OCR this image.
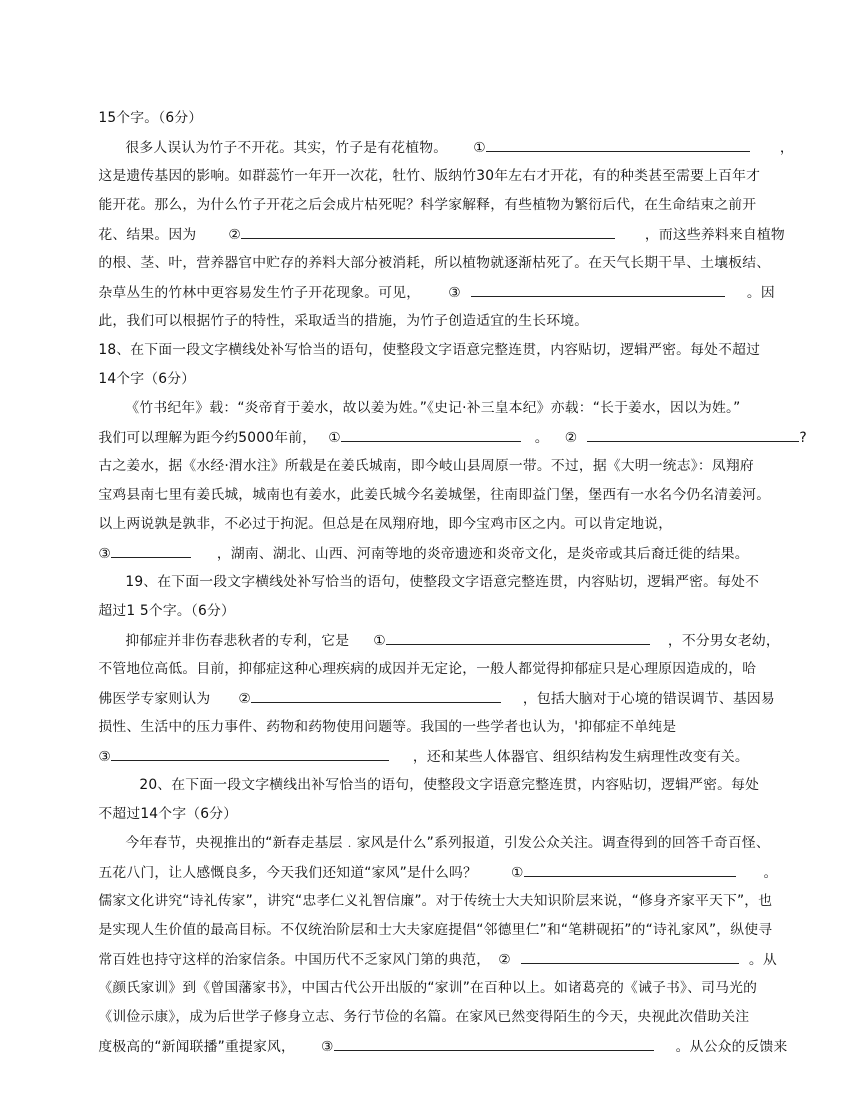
15个字。（6分）

很多人误认为竹子不开花。其实，竹子是有花植物。 ①	，

这是遗传基因的影响。如群蕊竹一年开一次花，牡竹、版纳竹30年左右才开花，有的种类甚至需要上百年才

能开花。那么，为什么竹子开花之后会成片枯死呢？科学家解释，有些植物为繁衍后代，在生命结束之前开

花、结果。因为 ②	，而这些养料来自植物

的根、茎、叶，营养器官中贮存的养料大部分被消耗，所以植物就逐渐枯死了。在天气长期干旱、土壤板结、

杂草丛生的竹林中更容易发生竹子开花现象。可见， ③	。因

此，我们可以根据竹子的特性，采取适当的措施，为竹子创造适宜的生长环境。

18、在下面一段文字横线处补写恰当的语句，使整段文字语意完整连贯，内容贴切，逻辑严密。每处不超过

14个字（6分）

《竹书纪年》载：“炎帝育于姜水，故以姜为姓。”《史记·补三皇本纪》亦载：“长于姜水，因以为姓。”

我们可以理解为距今约5000年前， ①	。 ②	?

古之姜水，据《水经·渭水注》所载是在姜氏城南，即今岐山县周原一带。不过，据《大明一统志》：凤翔府

宝鸡县南七里有姜氏城，城南也有姜水，此姜氏城今名姜城堡，往南即益门堡，堡西有一水名今仍名清姜河。

以上两说孰是孰非，不必过于拘泥。但总是在凤翔府地，即今宝鸡市区之内。可以肯定地说，

③	，湖南、湖北、山西、河南等地的炎帝遗迹和炎帝文化，是炎帝或其后裔迁徙的结果。

19、在下面一段文字横线处补写恰当的语句，使整段文字语意完整连贯，内容贴切，逻辑严密。每处不

超过1 5个字。（6分）

抑郁症并非伤春悲秋者的专利，它是 ①	，不分男女老幼，

不管地位高低。目前，抑郁症这种心理疾病的成因并无定论，一般人都觉得抑郁症只是心理原因造成的，哈

佛医学专家则认为 ②	，包括大脑对于心境的错误调节、基因易

损性、生活中的压力事件、药物和药物使用问题等。我国的一些学者也认为，'抑郁症不单纯是

③	，还和某些人体器官、组织结构发生病理性改变有关。

20、在下面一段文字横线出补写恰当的语句，使整段文字语意完整连贯，内容贴切，逻辑严密。每处

不超过14个字（6分）

今年春节，央视推出的“新春走基层﹒家风是什么”系列报道，引发公众关注。调查得到的回答千奇百怪、

五花八门，让人感慨良多，今天我们还知道“家风”是什么吗？ ①	。

儒家文化讲究“诗礼传家”，讲究“忠孝仁义礼智信廉”。对于传统士大夫知识阶层来说，“修身齐家平天下”，也

是实现人生价值的最高目标。不仅统治阶层和士大夫家庭提倡“邻德里仁”和“笔耕砚拓”的“诗礼家风”，纵使寻

常百姓也持守这样的治家信条。中国历代不乏家风门第的典范， ②	。从

《颜氏家训》到《曾国藩家书》，中国古代公开出版的“家训”在百种以上。如诸葛亮的《诫子书》、司马光的

《训俭示康》，成为后世学子修身立志、务行节俭的名篇。在家风已然变得陌生的今天，央视此次借助关注

度极高的“新闻联播”重提家风， ③	。从公众的反馈来
